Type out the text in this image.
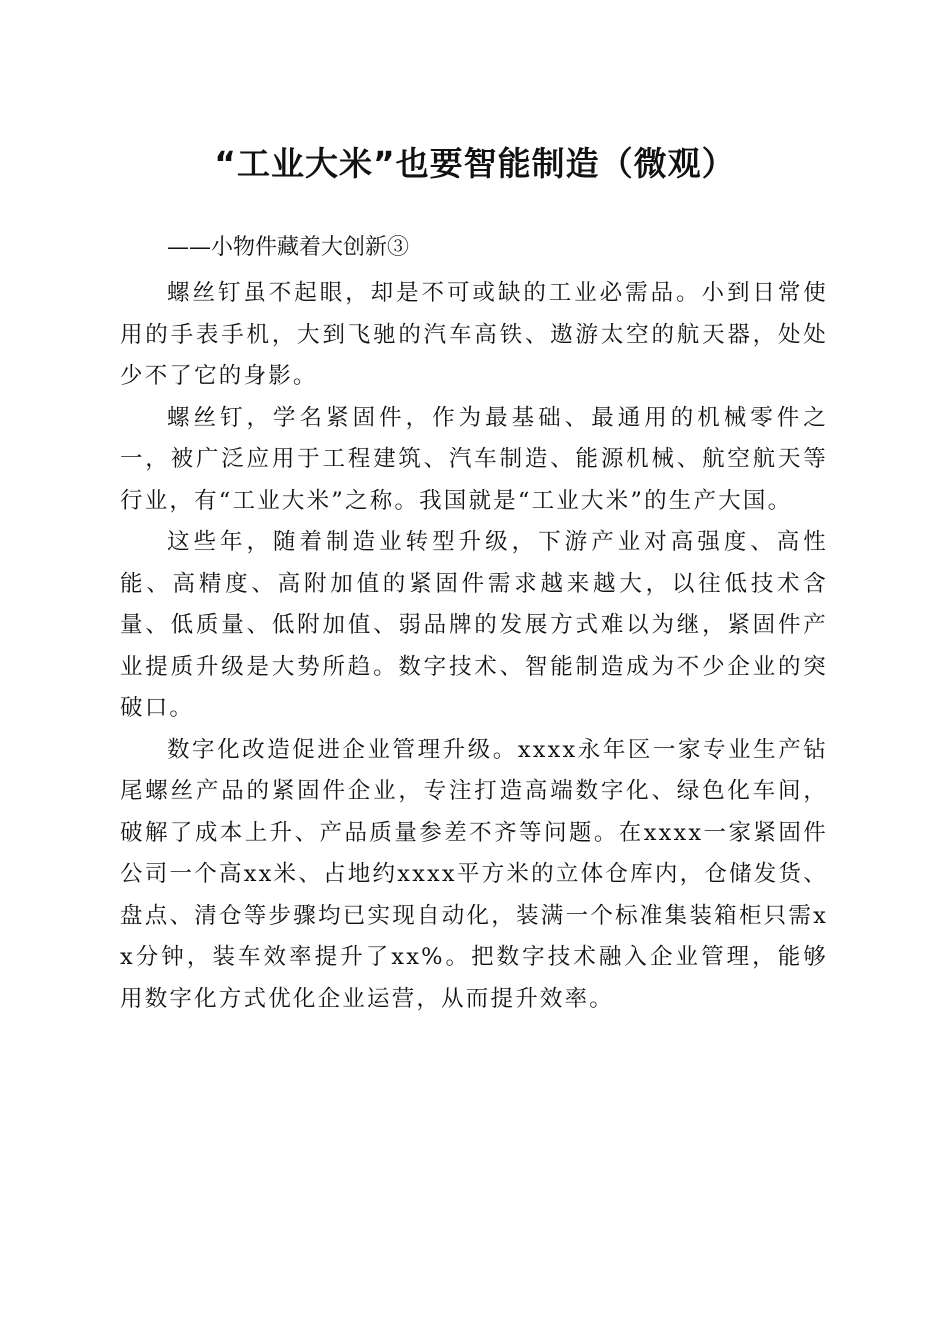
“工业大米”也要智能制造（微观）

——小物件藏着大创新③

螺丝钉虽不起眼，却是不可或缺的工业必需品。小到日常使用的手表手机，大到飞驰的汽车高铁、遨游太空的航天器，处处少不了它的身影。

螺丝钉，学名紧固件，作为最基础、最通用的机械零件之一，被广泛应用于工程建筑、汽车制造、能源机械、航空航天等行业，有“工业大米”之称。我国就是“工业大米”的生产大国。

这些年，随着制造业转型升级，下游产业对高强度、高性能、高精度、高附加值的紧固件需求越来越大，以往低技术含量、低质量、低附加值、弱品牌的发展方式难以为继，紧固件产业提质升级是大势所趋。数字技术、智能制造成为不少企业的突破口。

数字化改造促进企业管理升级。xxxx永年区一家专业生产钻尾螺丝产品的紧固件企业，专注打造高端数字化、绿色化车间，破解了成本上升、产品质量参差不齐等问题。在xxxx一家紧固件公司一个高xx米、占地约xxxx平方米的立体仓库内，仓储发货、盘点、清仓等步骤均已实现自动化，装满一个标准集装箱柜只需xx分钟，装车效率提升了xx%。把数字技术融入企业管理，能够用数字化方式优化企业运营，从而提升效率。
